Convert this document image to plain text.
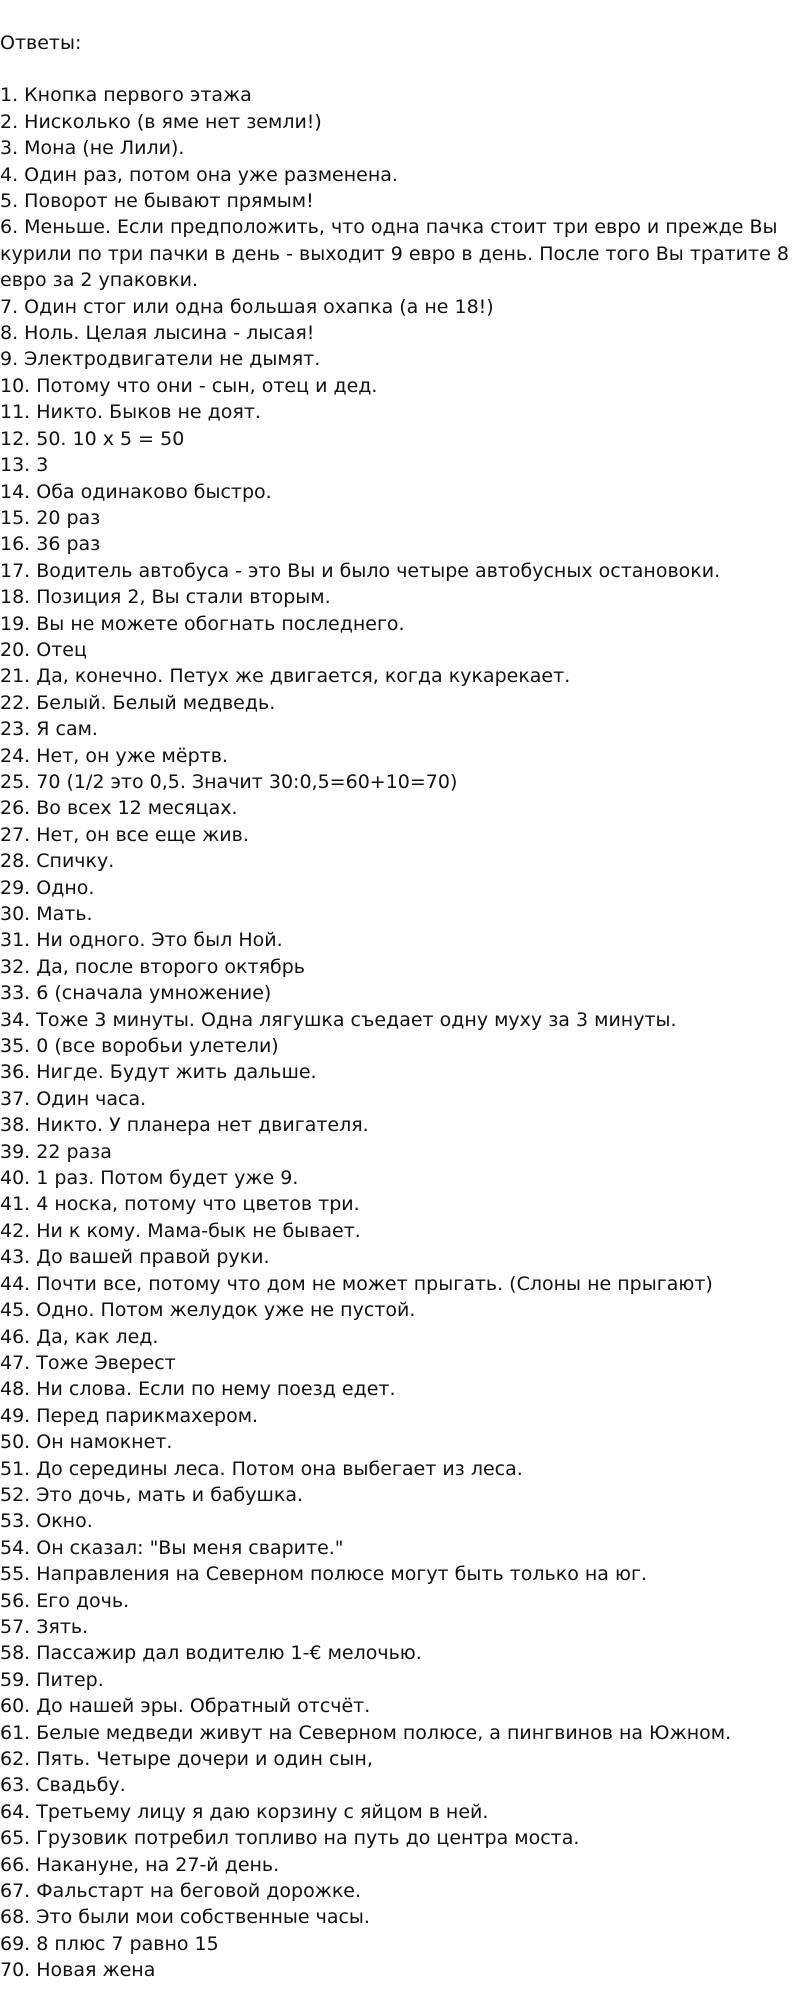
Ответы:

1. Кнопка первого этажа

2. Нисколько (в яме нет земли!)

3. Мона (не Лили).

4. Один раз, потом она уже разменена.

5. Поворот не бывают прямым!

6. Меньше. Если предположить, что одна пачка стоит три евро и прежде Вы курили по три пачки в день - выходит 9 евро в день. После того Вы тратите 8 евро за 2 упаковки.

7. Один стог или одна большая охапка (а не 18!)

8. Ноль. Целая лысина - лысая!

9. Электродвигатели не дымят.

10. Потому что они - сын, отец и дед.

11. Никто. Быков не доят.

12. 50. 10 х 5 = 50

13. 3

14. Оба одинаково быстро.

15. 20 раз

16. 36 раз

17. Водитель автобуса - это Вы и было четыре автобусных остановоки.

18. Позиция 2, Вы стали вторым.

19. Вы не можете обогнать последнего.

20. Отец

21. Да, конечно. Петух же двигается, когда кукарекает.

22. Белый. Белый медведь.

23. Я сам.

24. Нет, он уже мёртв.

25. 70 (1/2 это 0,5. Значит 30:0,5=60+10=70)

26. Во всех 12 месяцах.

27. Нет, он все еще жив.

28. Спичку.

29. Одно.

30. Мать.

31. Ни одного. Это был Ной.

32. Да, после второго октябрь

33. 6 (сначала умножение)

34. Тоже 3 минуты. Одна лягушка съедает одну муху за 3 минуты.

35. 0 (все воробьи улетели)

36. Нигде. Будут жить дальше.

37. Один часа.

38. Никто. У планера нет двигателя.

39. 22 раза

40. 1 раз. Потом будет уже 9.

41. 4 носка, потому что цветов три.

42. Ни к кому. Мама-бык не бывает.

43. До вашей правой руки.

44. Почти все, потому что дом не может прыгать. (Слоны не прыгают)

45. Одно. Потом желудок уже не пустой.

46. Да, как лед.

47. Тоже Эверест

48. Ни слова. Если по нему поезд едет.

49. Перед парикмахером.

50. Он намокнет.

51. До середины леса. Потом она выбегает из леса.

52. Это дочь, мать и бабушка.

53. Окно.

54. Он сказал: "Вы меня сварите."

55. Направления на Северном полюсе могут быть только на юг.

56. Его дочь.

57. Зять.

58. Пассажир дал водителю 1-€ мелочью.

59. Питер.

60. До нашей эры. Обратный отсчёт.

61. Белые медведи живут на Северном полюсе, а пингвинов на Южном.

62. Пять. Четыре дочери и один сын,

63. Свадьбу.

64. Третьему лицу я даю корзину с яйцом в ней.

65. Грузовик потребил топливо на путь до центра моста.

66. Накануне, на 27-й день.

67. Фальстарт на беговой дорожке.

68. Это были мои собственные часы.

69. 8 плюс 7 равно 15

70. Новая жена
